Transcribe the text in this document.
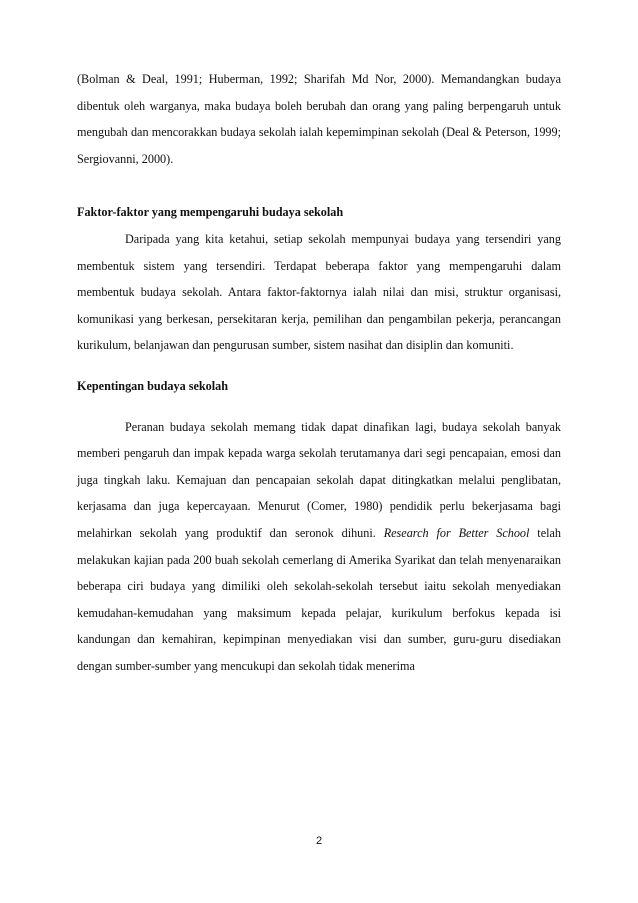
(Bolman & Deal, 1991; Huberman, 1992; Sharifah Md Nor, 2000). Memandangkan budaya dibentuk oleh warganya, maka budaya boleh berubah dan orang yang paling berpengaruh untuk mengubah dan mencorakkan budaya sekolah ialah kepemimpinan sekolah (Deal & Peterson, 1999; Sergiovanni, 2000).

Faktor-faktor yang mempengaruhi budaya sekolah

Daripada yang kita ketahui, setiap sekolah mempunyai budaya yang tersendiri yang membentuk sistem yang tersendiri. Terdapat beberapa faktor yang mempengaruhi dalam membentuk budaya sekolah. Antara faktor-faktornya ialah nilai dan misi, struktur organisasi, komunikasi yang berkesan, persekitaran kerja, pemilihan dan pengambilan pekerja, perancangan kurikulum, belanjawan dan pengurusan sumber, sistem nasihat dan disiplin dan komuniti.

Kepentingan budaya sekolah

Peranan budaya sekolah memang tidak dapat dinafikan lagi, budaya sekolah banyak memberi pengaruh dan impak kepada warga sekolah terutamanya dari segi pencapaian, emosi dan juga tingkah laku. Kemajuan dan pencapaian sekolah dapat ditingkatkan melalui penglibatan, kerjasama dan juga kepercayaan. Menurut (Comer, 1980) pendidik perlu bekerjasama bagi melahirkan sekolah yang produktif dan seronok dihuni. Research for Better School telah melakukan kajian pada 200 buah sekolah cemerlang di Amerika Syarikat dan telah menyenaraikan beberapa ciri budaya yang dimiliki oleh sekolah-sekolah tersebut iaitu sekolah menyediakan kemudahan-kemudahan yang maksimum kepada pelajar, kurikulum berfokus kepada isi kandungan dan kemahiran, kepimpinan menyediakan visi dan sumber, guru-guru disediakan dengan sumber-sumber yang mencukupi dan sekolah tidak menerima

2
